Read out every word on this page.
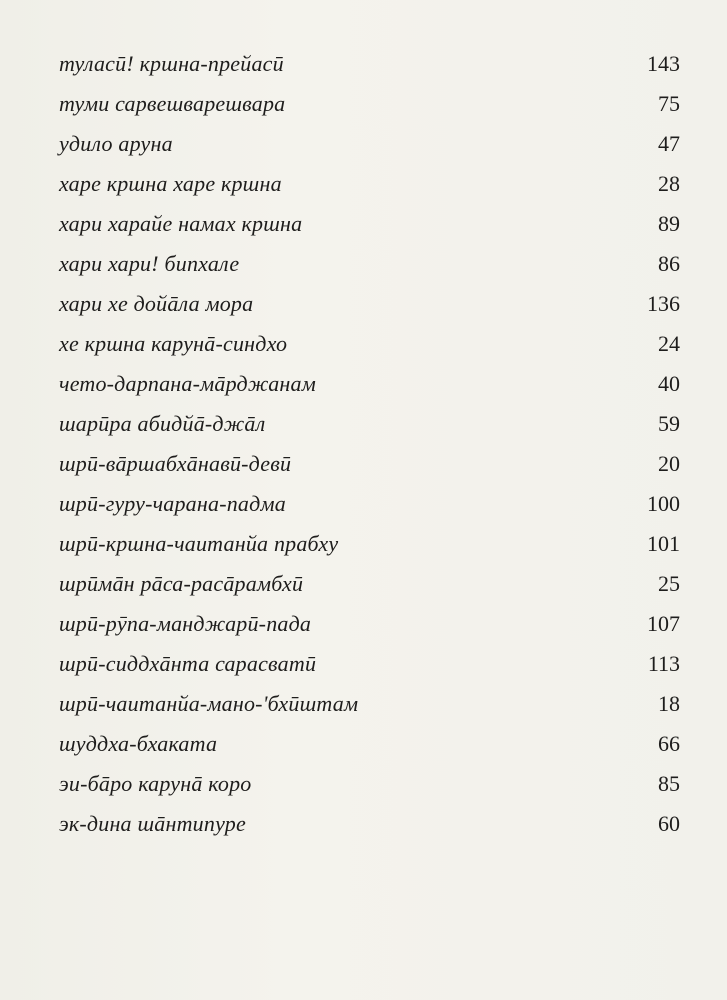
туласӣ! кршна-прейасӣ	143
туми сарвешварешвара	75
удило аруна	47
харе кршна харе кршна	28
хари харайе намах кршна	89
хари хари! бипхале	86
хари хе дойāла мора	136
хе кршна карунā-синдхо	24
чето-дарпана-мāрджанам	40
шарӣра абидйā-джāл	59
шрӣ-вāршабхāнавӣ-девӣ	20
шрӣ-гуру-чарана-падма	100
шрӣ-кршна-чаитанйа прабху	101
шрӣмāн рāса-расāрамбхӣ	25
шрӣ-рӯпа-манджарӣ-пада	107
шрӣ-сиддхāнта сарасватӣ	113
шрӣ-чаитанйа-мано-'бхӣштам	18
шуддха-бхаката	66
эи-бāро карунā коро	85
эк-дина шāнтипуре	60
